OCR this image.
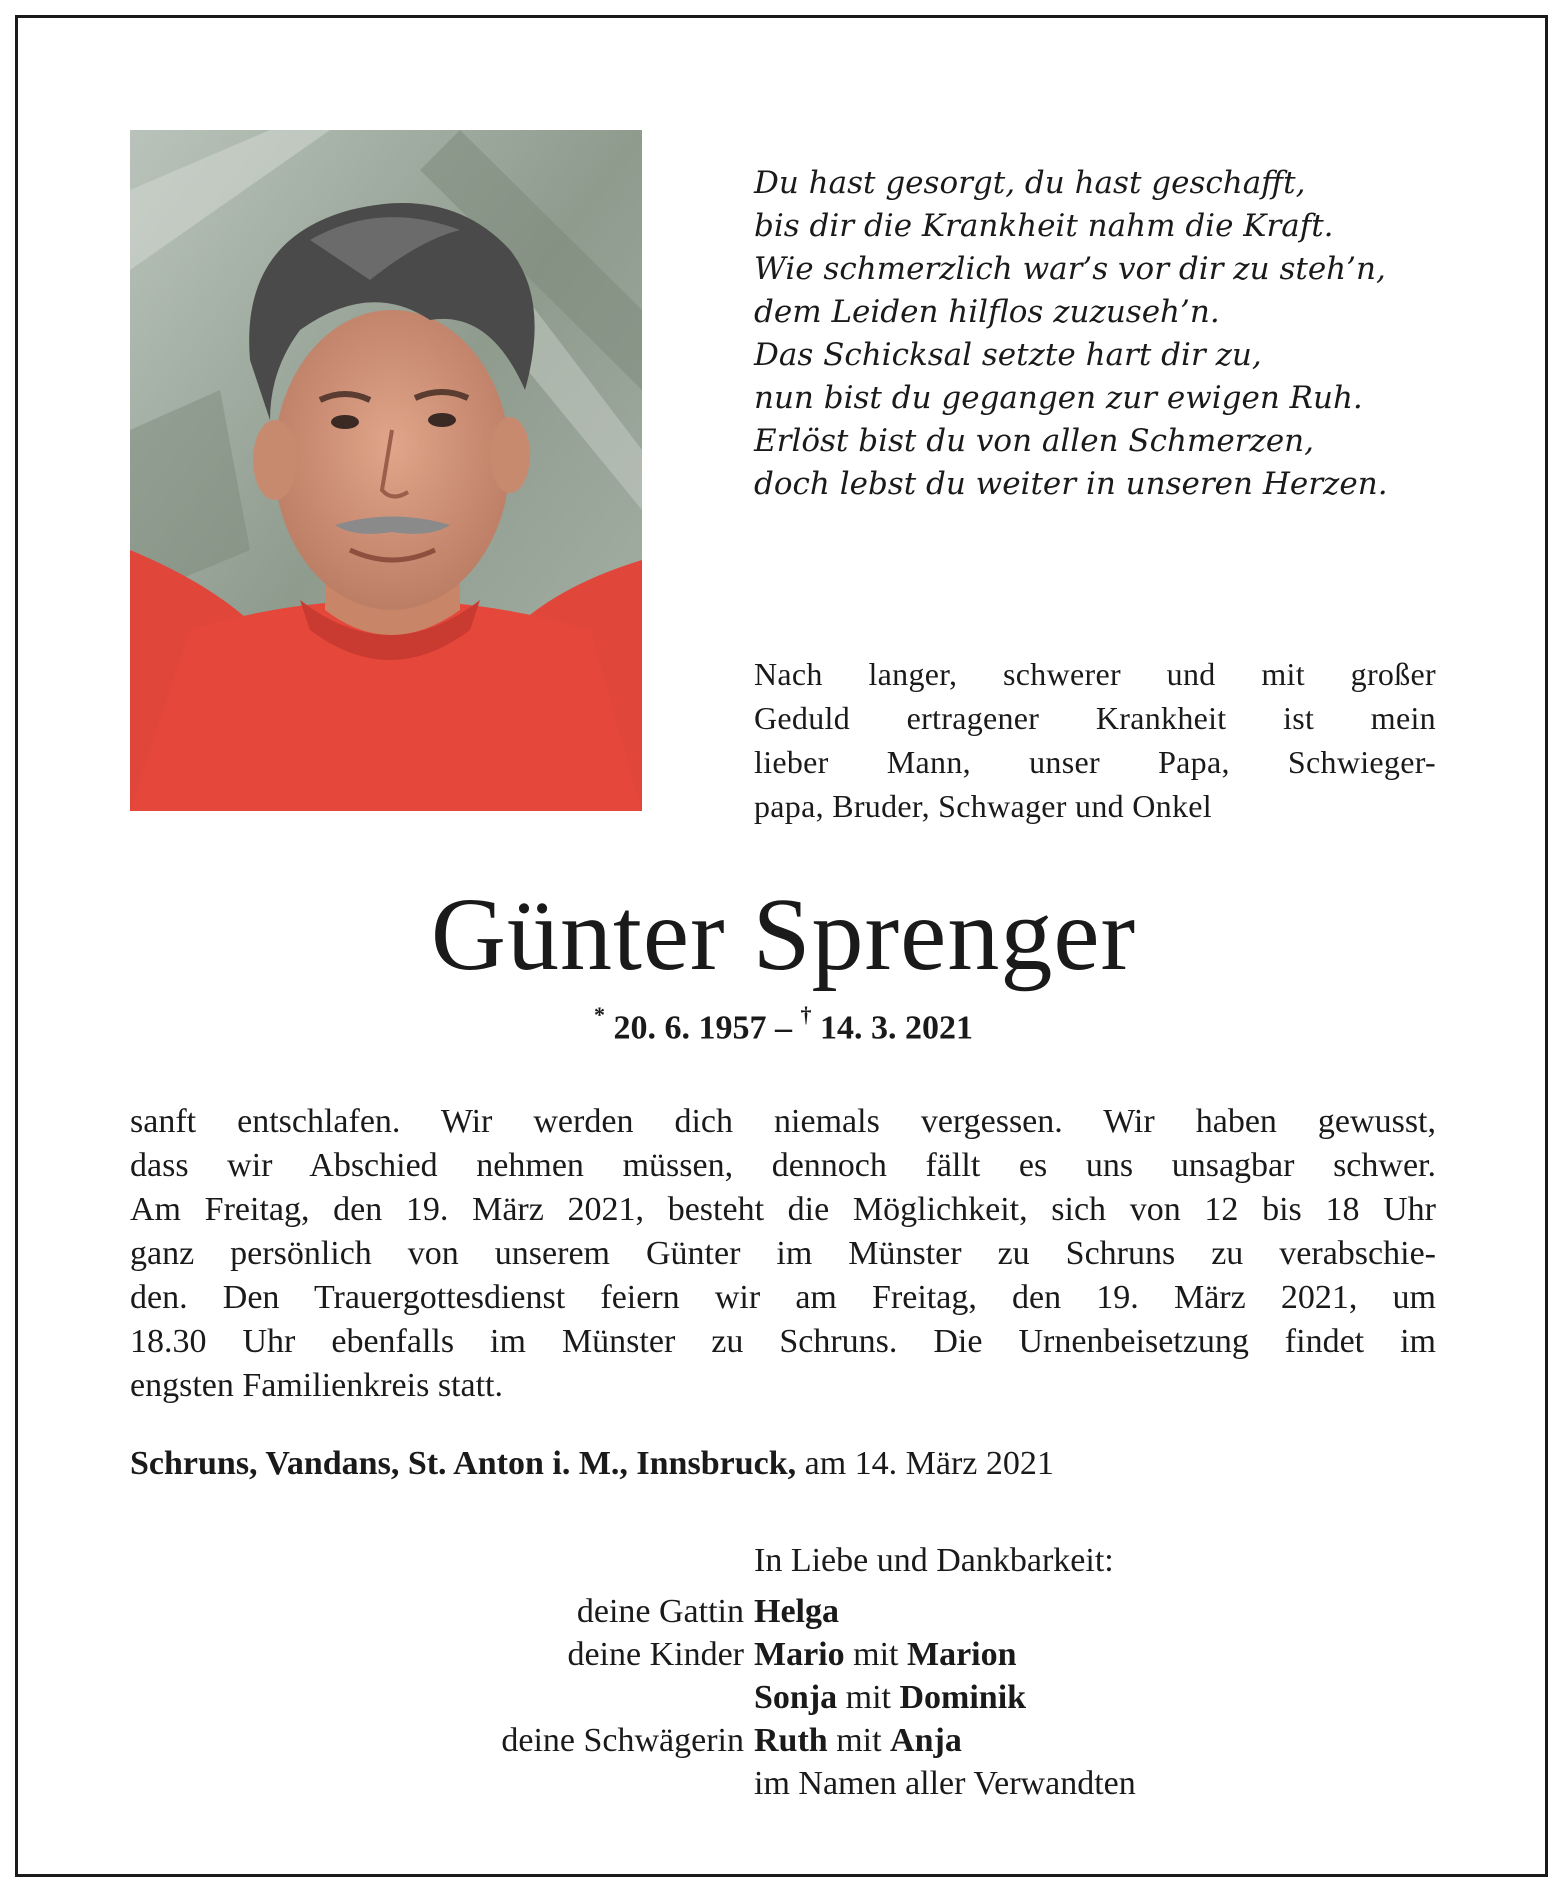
Du hast gesorgt, du hast geschafft,
bis dir die Krankheit nahm die Kraft.
Wie schmerzlich war’s vor dir zu steh’n,
dem Leiden hilflos zuzuseh’n.
Das Schicksal setzte hart dir zu,
nun bist du gegangen zur ewigen Ruh.
Erlöst bist du von allen Schmerzen,
doch lebst du weiter in unseren Herzen.
Nach langer, schwerer und mit großer
Geduld ertragener Krankheit ist mein
lieber Mann, unser Papa, Schwieger-
papa, Bruder, Schwager und Onkel
Günter Sprenger
* 20. 6. 1957 – † 14. 3. 2021
sanft entschlafen. Wir werden dich niemals vergessen. Wir haben gewusst,
dass wir Abschied nehmen müssen, dennoch fällt es uns unsagbar schwer.
Am Freitag, den 19. März 2021, besteht die Möglichkeit, sich von 12 bis 18 Uhr
ganz persönlich von unserem Günter im Münster zu Schruns zu verabschie-
den. Den Trauergottesdienst feiern wir am Freitag, den 19. März 2021, um
18.30 Uhr ebenfalls im Münster zu Schruns. Die Urnenbeisetzung findet im
engsten Familienkreis statt.
Schruns, Vandans, St. Anton i. M., Innsbruck, am 14. März 2021
In Liebe und Dankbarkeit:
deine Gattin Helga
deine Kinder Mario mit Marion
Sonja mit Dominik
deine Schwägerin Ruth mit Anja
im Namen aller Verwandten
